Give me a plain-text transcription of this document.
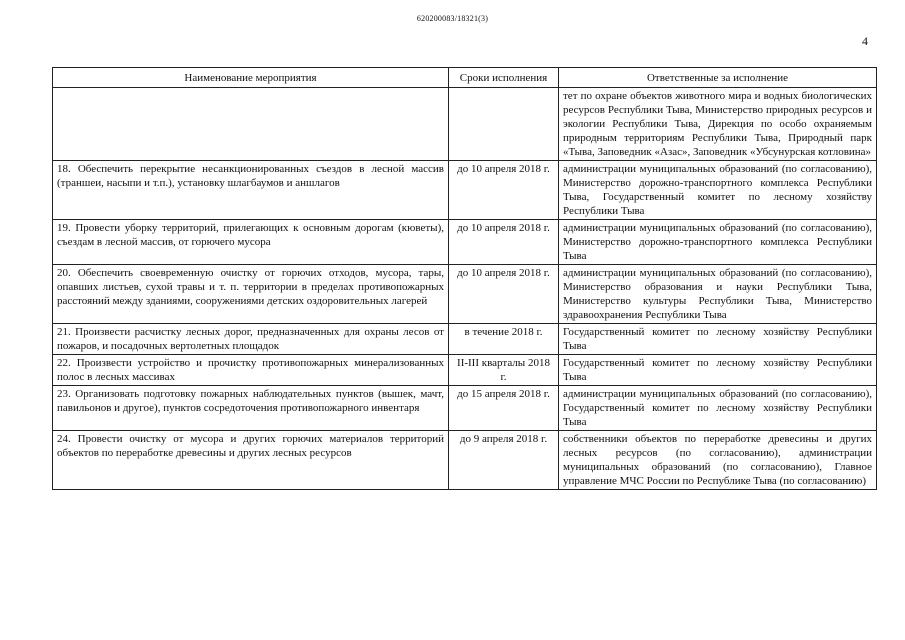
620200083/18321(3)
4
Наименование мероприятия	Сроки исполнения	Ответственные за исполнение
		тет по охране объектов животного мира и водных биологических ресурсов Республики Тыва, Министерство природных ресурсов и экологии Республики Тыва, Дирекция по особо охраняемым природным территориям Республики Тыва, Природный парк «Тыва, Заповедник «Азас», Заповедник «Убсунурская котловина»
18. Обеспечить перекрытие несанкционированных съездов в лесной массив (траншеи, насыпи и т.п.), установку шлагбаумов и аншлагов	до 10 апреля 2018 г.	администрации муниципальных образований (по согласованию), Министерство дорожно-транспортного комплекса Республики Тыва, Государственный комитет по лесному хозяйству Республики Тыва
19. Провести уборку территорий, прилегающих к основным дорогам (кюветы), съездам в лесной массив, от горючего мусора	до 10 апреля 2018 г.	администрации муниципальных образований (по согласованию), Министерство дорожно-транспортного комплекса Республики Тыва
20. Обеспечить своевременную очистку от горючих отходов, мусора, тары, опавших листьев, сухой травы и т. п. территории в пределах противопожарных расстояний между зданиями, сооружениями детских оздоровительных лагерей	до 10 апреля 2018 г.	администрации муниципальных образований (по согласованию), Министерство образования и науки Республики Тыва, Министерство культуры Республики Тыва, Министерство здравоохранения Республики Тыва
21. Произвести расчистку лесных дорог, предназначенных для охраны лесов от пожаров, и посадочных вертолетных площадок	в течение 2018 г.	Государственный комитет по лесному хозяйству Республики Тыва
22. Произвести устройство и прочистку противопожарных минерализованных полос в лесных массивах	II-III кварталы 2018 г.	Государственный комитет по лесному хозяйству Республики Тыва
23. Организовать подготовку пожарных наблюдательных пунктов (вышек, мачт, павильонов и другое), пунктов сосредоточения противопожарного инвентаря	до 15 апреля 2018 г.	администрации муниципальных образований (по согласованию), Государственный комитет по лесному хозяйству Республики Тыва
24. Провести очистку от мусора и других горючих материалов территорий объектов по переработке древесины и других лесных ресурсов	до 9 апреля 2018 г.	собственники объектов по переработке древесины и других лесных ресурсов (по согласованию), администрации муниципальных образований (по согласованию), Главное управление МЧС России по Республике Тыва (по согласованию)
